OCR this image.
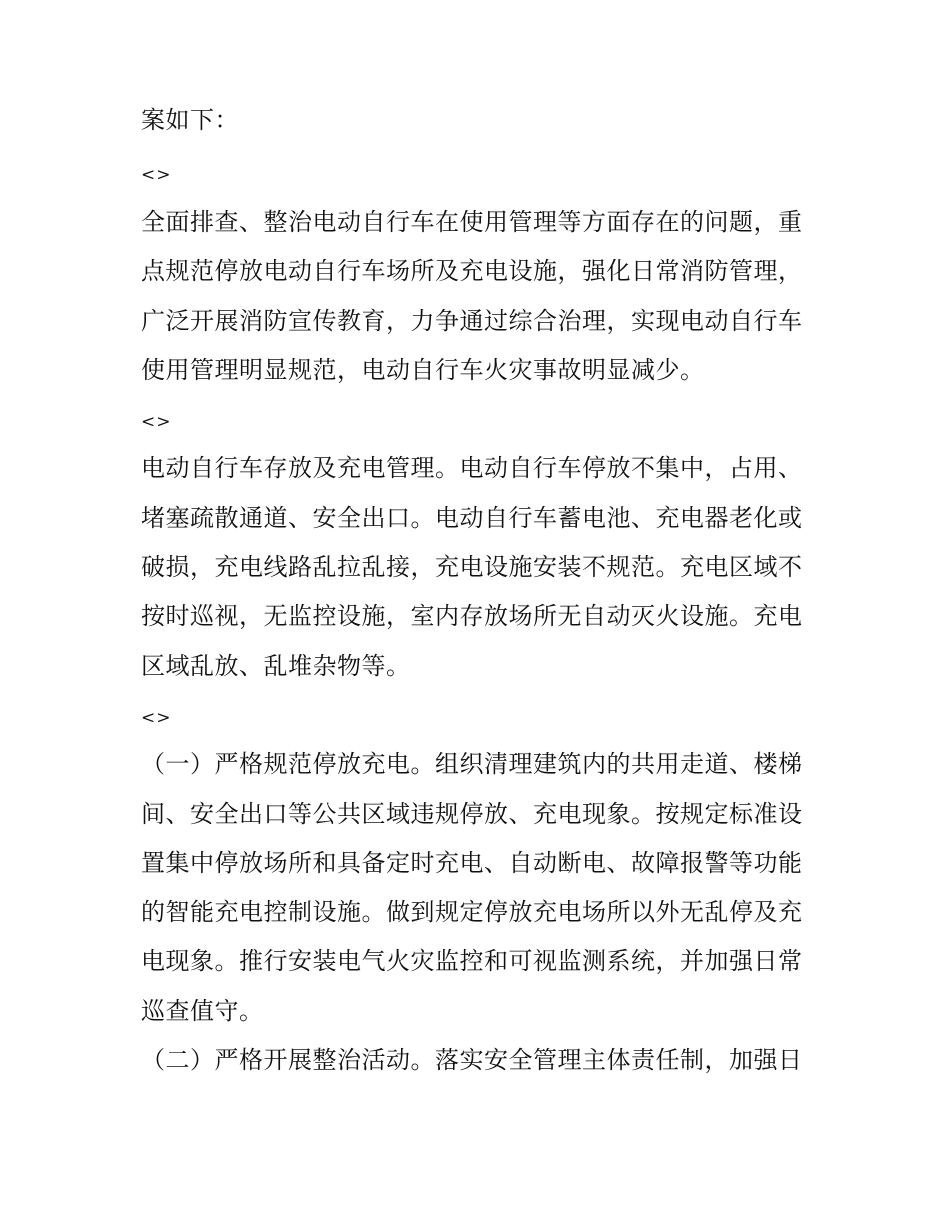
案如下：
<>
全面排查、整治电动自行车在使用管理等方面存在的问题，重
点规范停放电动自行车场所及充电设施，强化日常消防管理，
广泛开展消防宣传教育，力争通过综合治理，实现电动自行车
使用管理明显规范，电动自行车火灾事故明显减少。
<>
电动自行车存放及充电管理。电动自行车停放不集中，占用、
堵塞疏散通道、安全出口。电动自行车蓄电池、充电器老化或
破损，充电线路乱拉乱接，充电设施安装不规范。充电区域不
按时巡视，无监控设施，室内存放场所无自动灭火设施。充电
区域乱放、乱堆杂物等。
<>
（一）严格规范停放充电。组织清理建筑内的共用走道、楼梯
间、安全出口等公共区域违规停放、充电现象。按规定标准设
置集中停放场所和具备定时充电、自动断电、故障报警等功能
的智能充电控制设施。做到规定停放充电场所以外无乱停及充
电现象。推行安装电气火灾监控和可视监测系统，并加强日常
巡查值守。
（二）严格开展整治活动。落实安全管理主体责任制，加强日
